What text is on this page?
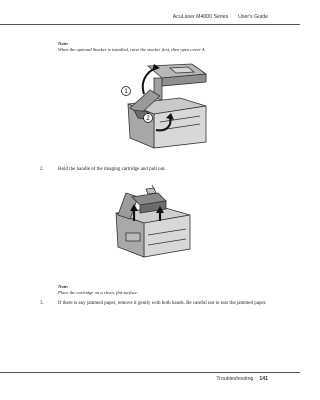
AcuLaser M4000 Series User's Guide
Note:
When the optional Stacker is installed, raise the stacker first, then open cover A.
1
2
2.	Hold the handle of the imaging cartridge and pull out.
Note:
Place the cartridge on a clean, flat surface.
3.	If there is any jammed paper, remove it gently with both hands. Be careful not to tear the jammed paper.
Troubleshooting 141
